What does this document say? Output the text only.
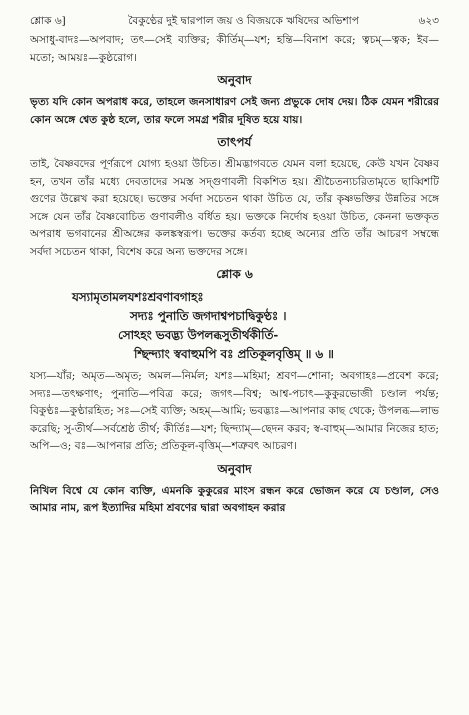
শ্লোক ৬]	বৈকুণ্ঠের দুই দ্বারপাল জয় ও বিজয়কে ঋষিদের অভিশাপ	৬২৩

অসাধু-বাদঃ—অপবাদ; তৎ—সেই ব্যক্তির; কীর্তিম্—যশ; হন্তি—বিনাশ করে; ত্বচম্—ত্বক; ইব—মতো; আময়ঃ—কুষ্ঠরোগ।

অনুবাদ

ভৃত্য যদি কোন অপরাধ করে, তাহলে জনসাধারণ সেই জন্য প্রভুকে দোষ দেয়। ঠিক যেমন শরীরের কোন অঙ্গে শ্বেত কুষ্ঠ হলে, তার ফলে সমগ্র শরীর দূষিত হয়ে যায়।

তাৎপর্য

তাই, বৈষ্ণবদের পূর্ণরূপে যোগ্য হওয়া উচিত। শ্রীমদ্ভাগবতে যেমন বলা হয়েছে, কেউ যখন বৈষ্ণব হন, তখন তাঁর মধ্যে দেবতাদের সমস্ত সদ্গুণাবলী বিকশিত হয়। শ্রীচৈতন্যচরিতামৃতে ছাব্বিশটি গুণের উল্লেখ করা হয়েছে। ভক্তের সর্বদা সচেতন থাকা উচিত যে, তাঁর কৃষ্ণভক্তির উন্নতির সঙ্গে সঙ্গে যেন তাঁর বৈষ্ণবোচিত গুণাবলীও বর্ধিত হয়। ভক্তকে নির্দোষ হওয়া উচিত, কেননা ভক্তকৃত অপরাধ ভগবানের শ্রীঅঙ্গের কলঙ্কস্বরূপ। ভক্তের কর্তব্য হচ্ছে অন্যের প্রতি তাঁর আচরণ সম্বন্ধে সর্বদা সচেতন থাকা, বিশেষ করে অন্য ভক্তদের সঙ্গে।

শ্লোক ৬
যস্যামৃতামলযশঃশ্রবণাবগাহঃ
সদ্যঃ পুনাতি জগদাশ্বপচাদ্বিকুণ্ঠঃ ।
সোঽহং ভবদ্ভ্য উপলব্ধসুতীর্থকীর্তি-
শ্ছিন্দ্যাং স্ববাহুমপি বঃ প্রতিকূলবৃত্তিম্ ॥ ৬ ॥

যস্য—যাঁর; অমৃত—অমৃত; অমল—নির্মল; যশঃ—মহিমা; শ্রবণ—শোনা; অবগাহঃ—প্রবেশ করে; সদ্যঃ—তৎক্ষণাৎ; পুনাতি—পবিত্র করে; জগৎ—বিশ্ব; আশ্ব-পচাৎ—কুকুরভোজী চণ্ডাল পর্যন্ত; বিকুণ্ঠঃ—কুণ্ঠারহিত; সঃ—সেই ব্যক্তি; অহম্—আমি; ভবদ্ভ্যঃ—আপনার কাছ থেকে; উপলব্ধ—লাভ করেছি; সু-তীর্থ—সর্বশ্রেষ্ঠ তীর্থ; কীর্তিঃ—যশ; ছিন্দ্যাম্—ছেদন করব; স্ব-বাহুম্—আমার নিজের হাত; অপি—ও; বঃ—আপনার প্রতি; প্রতিকূল-বৃত্তিম্—শত্রুবৎ আচরণ।

অনুবাদ

নিখিল বিশ্বে যে কোন ব্যক্তি, এমনকি কুকুরের মাংস রন্ধন করে ভোজন করে যে চণ্ডাল, সেও আমার নাম, রূপ ইত্যাদির মহিমা শ্রবণের দ্বারা অবগাহন করার
